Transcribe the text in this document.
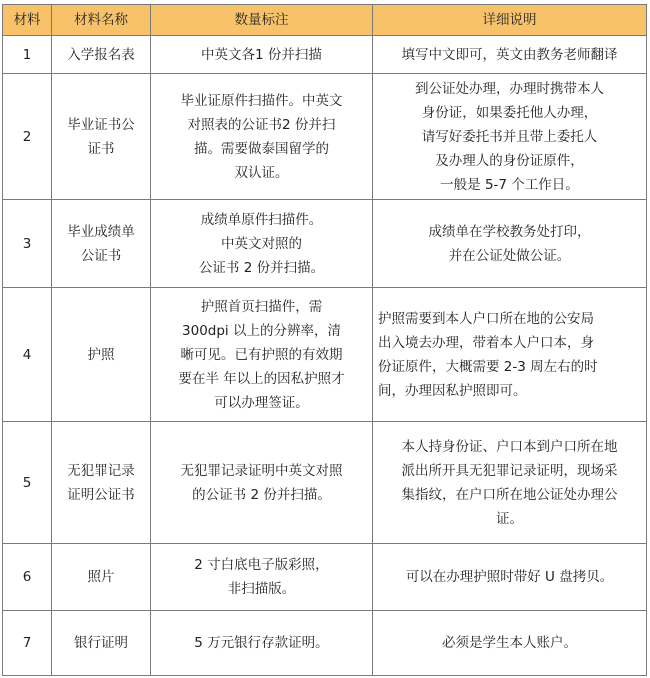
材料	材料名称	数量标注	详细说明
1	入学报名表	中英文各1 份并扫描	填写中文即可，英文由教务老师翻译

2	毕业证书公
证书	毕业证原件扫描件。中英文
对照表的公证书2 份并扫
描。需要做泰国留学的
双认证。	到公证处办理，办理时携带本人
身份证，如果委托他人办理，
请写好委托书并且带上委托人
及办理人的身份证原件，
一般是 5-7 个工作日。

3	毕业成绩单
公证书	成绩单原件扫描件。
中英文对照的
公证书 2 份并扫描。	成绩单在学校教务处打印，
并在公证处做公证。

4	护照	护照首页扫描件，需
300dpi 以上的分辨率，清
晰可见。已有护照的有效期
要在半 年以上的因私护照才
可以办理签证。	护照需要到本人户口所在地的公安局
出入境去办理，带着本人户口本，身
份证原件，大概需要 2-3 周左右的时
间，办理因私护照即可。

5	无犯罪记录
证明公证书	无犯罪记录证明中英文对照
的公证书 2 份并扫描。	本人持身份证、户口本到户口所在地
派出所开具无犯罪记录证明，现场采
集指纹，在户口所在地公证处办理公
证。

6	照片	2 寸白底电子版彩照，
非扫描版。	可以在办理护照时带好 U 盘拷贝。

7	银行证明	5 万元银行存款证明。	必须是学生本人账户。
